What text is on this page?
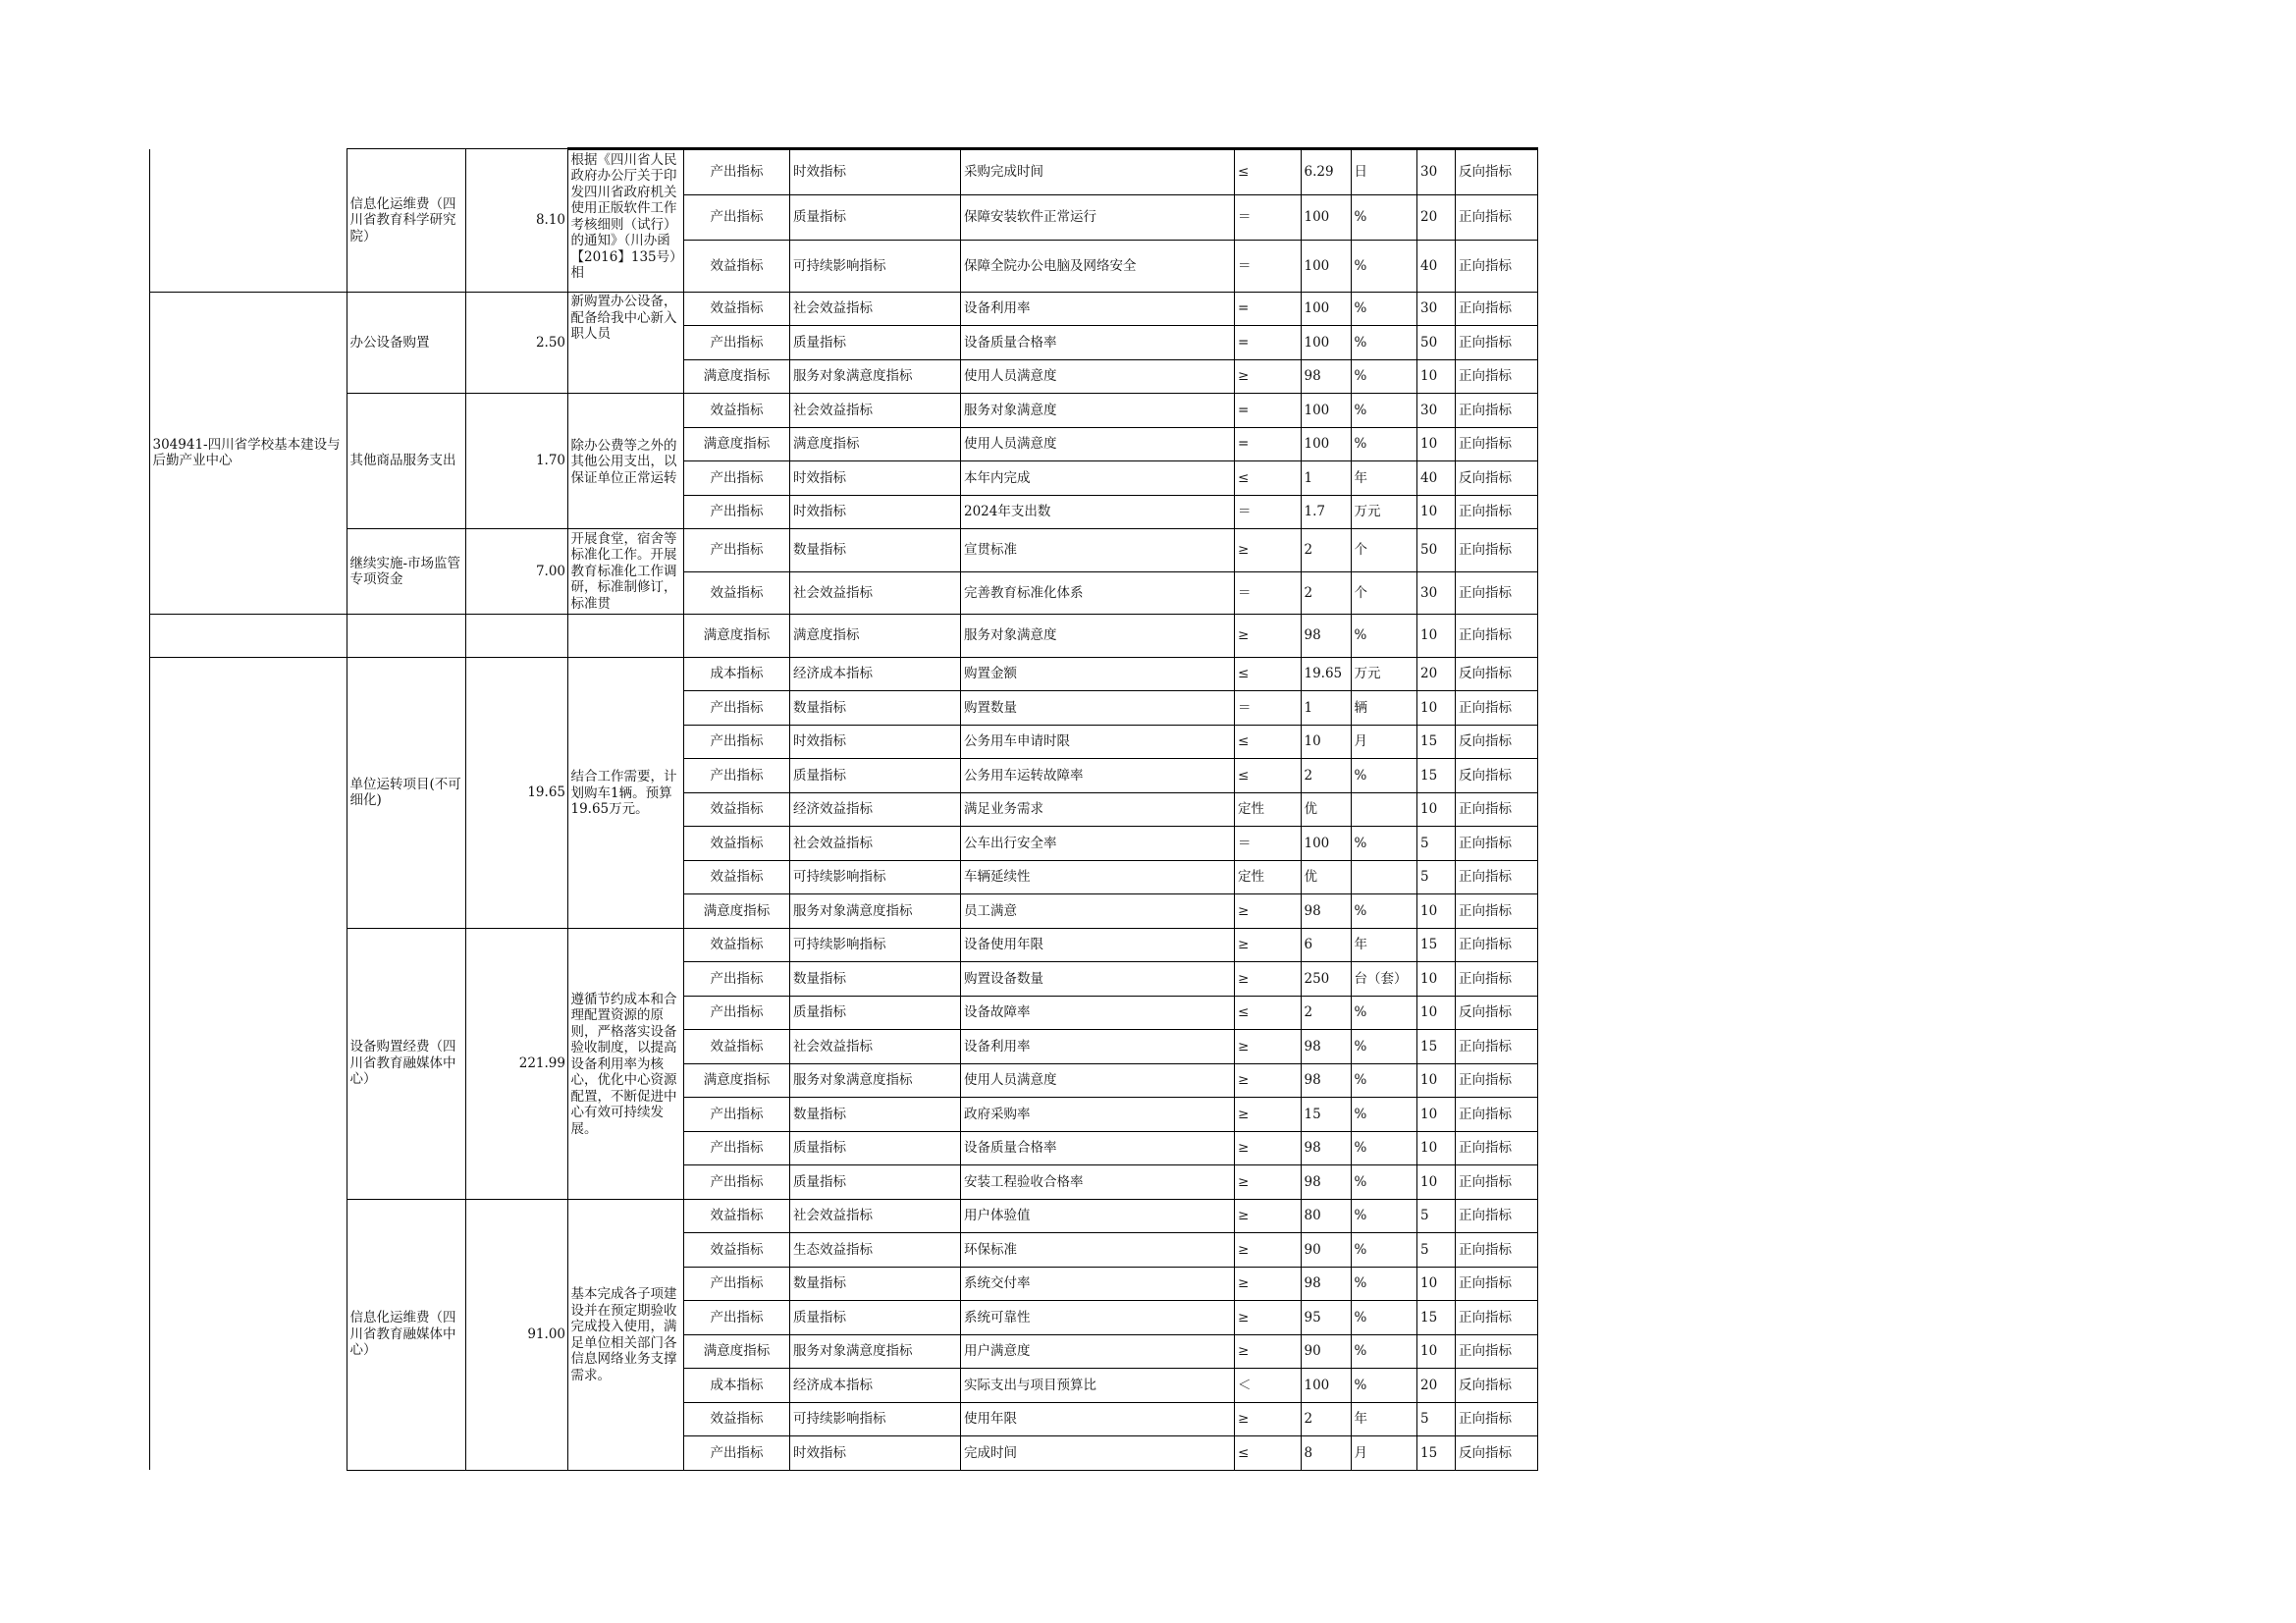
	信息化运维费（四川省教育科学研究院）	8.10	根据《四川省人民政府办公厅关于印发四川省政府机关使用正版软件工作考核细则（试行）的通知》（川办函【2016】135号）相	产出指标	时效指标	采购完成时间	≤	6.29	日	30	反向指标
				产出指标	质量指标	保障安装软件正常运行	＝	100	%	20	正向指标
				效益指标	可持续影响指标	保障全院办公电脑及网络安全	＝	100	%	40	正向指标
304941-四川省学校基本建设与后勤产业中心	办公设备购置	2.50	新购置办公设备，配备给我中心新入职人员	效益指标	社会效益指标	设备利用率	=	100	%	30	正向指标
				产出指标	质量指标	设备质量合格率	=	100	%	50	正向指标
				满意度指标	服务对象满意度指标	使用人员满意度	≥	98	%	10	正向指标
	其他商品服务支出	1.70	除办公费等之外的其他公用支出，以保证单位正常运转	效益指标	社会效益指标	服务对象满意度	=	100	%	30	正向指标
				满意度指标	满意度指标	使用人员满意度	=	100	%	10	正向指标
				产出指标	时效指标	本年内完成	≤	1	年	40	反向指标
				产出指标	时效指标	2024年支出数	＝	1.7	万元	10	正向指标
	继续实施-市场监管专项资金	7.00	开展食堂，宿舍等标准化工作。开展教育标准化工作调研，标准制修订，标准贯	产出指标	数量指标	宣贯标准	≥	2	个	50	正向指标
				效益指标	社会效益指标	完善教育标准化体系	＝	2	个	30	正向指标
				满意度指标	满意度指标	服务对象满意度	≥	98	%	10	正向指标
	单位运转项目(不可细化)	19.65	结合工作需要，计划购车1辆。预算19.65万元。	成本指标	经济成本指标	购置金额	≤	19.65	万元	20	反向指标
				产出指标	数量指标	购置数量	＝	1	辆	10	正向指标
				产出指标	时效指标	公务用车申请时限	≤	10	月	15	反向指标
				产出指标	质量指标	公务用车运转故障率	≤	2	%	15	反向指标
				效益指标	经济效益指标	满足业务需求	定性	优		10	正向指标
				效益指标	社会效益指标	公车出行安全率	＝	100	%	5	正向指标
				效益指标	可持续影响指标	车辆延续性	定性	优		5	正向指标
				满意度指标	服务对象满意度指标	员工满意	≥	98	%	10	正向指标
	设备购置经费（四川省教育融媒体中心）	221.99	遵循节约成本和合理配置资源的原则，严格落实设备验收制度，以提高设备利用率为核心，优化中心资源配置，不断促进中心有效可持续发展。	效益指标	可持续影响指标	设备使用年限	≥	6	年	15	正向指标
				产出指标	数量指标	购置设备数量	≥	250	台（套）	10	正向指标
				产出指标	质量指标	设备故障率	≤	2	%	10	反向指标
				效益指标	社会效益指标	设备利用率	≥	98	%	15	正向指标
				满意度指标	服务对象满意度指标	使用人员满意度	≥	98	%	10	正向指标
				产出指标	数量指标	政府采购率	≥	15	%	10	正向指标
				产出指标	质量指标	设备质量合格率	≥	98	%	10	正向指标
				产出指标	质量指标	安装工程验收合格率	≥	98	%	10	正向指标
	信息化运维费（四川省教育融媒体中心）	91.00	基本完成各子项建设并在预定期验收完成投入使用，满足单位相关部门各信息网络业务支撑需求。	效益指标	社会效益指标	用户体验值	≥	80	%	5	正向指标
				效益指标	生态效益指标	环保标准	≥	90	%	5	正向指标
				产出指标	数量指标	系统交付率	≥	98	%	10	正向指标
				产出指标	质量指标	系统可靠性	≥	95	%	15	正向指标
				满意度指标	服务对象满意度指标	用户满意度	≥	90	%	10	正向指标
				成本指标	经济成本指标	实际支出与项目预算比	＜	100	%	20	反向指标
				效益指标	可持续影响指标	使用年限	≥	2	年	5	正向指标
				产出指标	时效指标	完成时间	≤	8	月	15	反向指标
